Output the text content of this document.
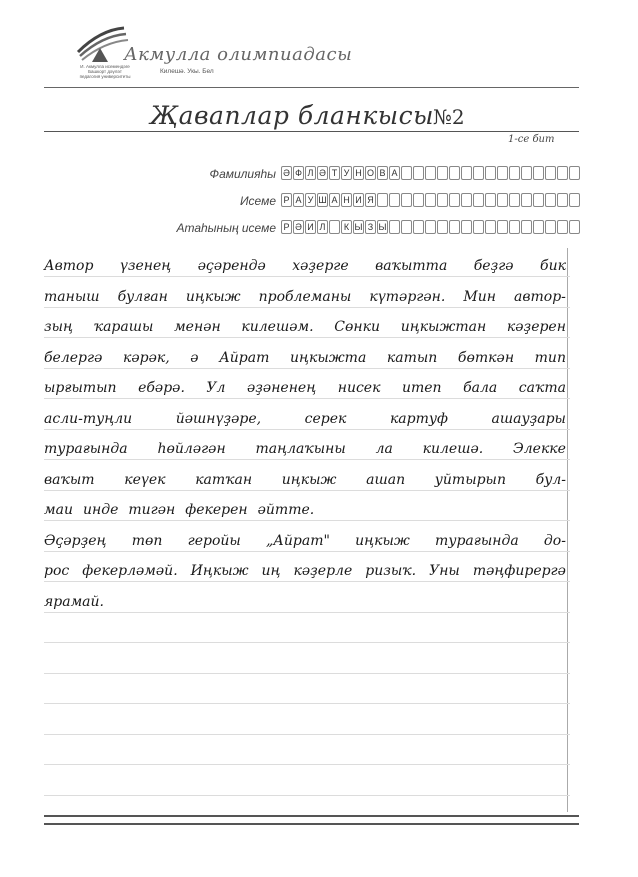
И. Акмулла исемендәге
Башкорт дәүләт
педагогия университеты
Акмулла олимпиадасы
Килешә. Укы. Бел
Җаваплар бланкысы
№2
1-се бит
Фамилияһы Ә Ф Л Ә Т У Н О В А
Исеме Р А У Ш А Н И Я
Атаһының исеме Р Ә И Л	К Ы З Ы
Автор үзенең әҫәрендә хәҙерге ваҡытта беҙгә бик
таныш булған иңкыж проблеманы күтәргән. Мин автор-
зың ҡарашы менән килешәм. Сөнки иңкыжтан кәҙерен
белергә кәрәк, ә Айрат иңкыжта катып бөткән тип
ырғытып ебәрә. Ул әҙәненең нисек итеп бала саҡта
асли-туңли	йәшнүҙәре,	серек	картуф	ашауҙары
турағында һөйләгән таңлаҡыны ла килешә. Элекке
ваҡыт кеүек катҡан иңкыж ашап уйтырып бул-
маи инде тигән фекерен әйтте.
Әҫәрҙең төп геройы „Айрат" иңкыж турағында до-
рос фекерләмәй. Иңкыж иң кәҙерле ризыҡ. Уны тәңфирергә
ярамай.
